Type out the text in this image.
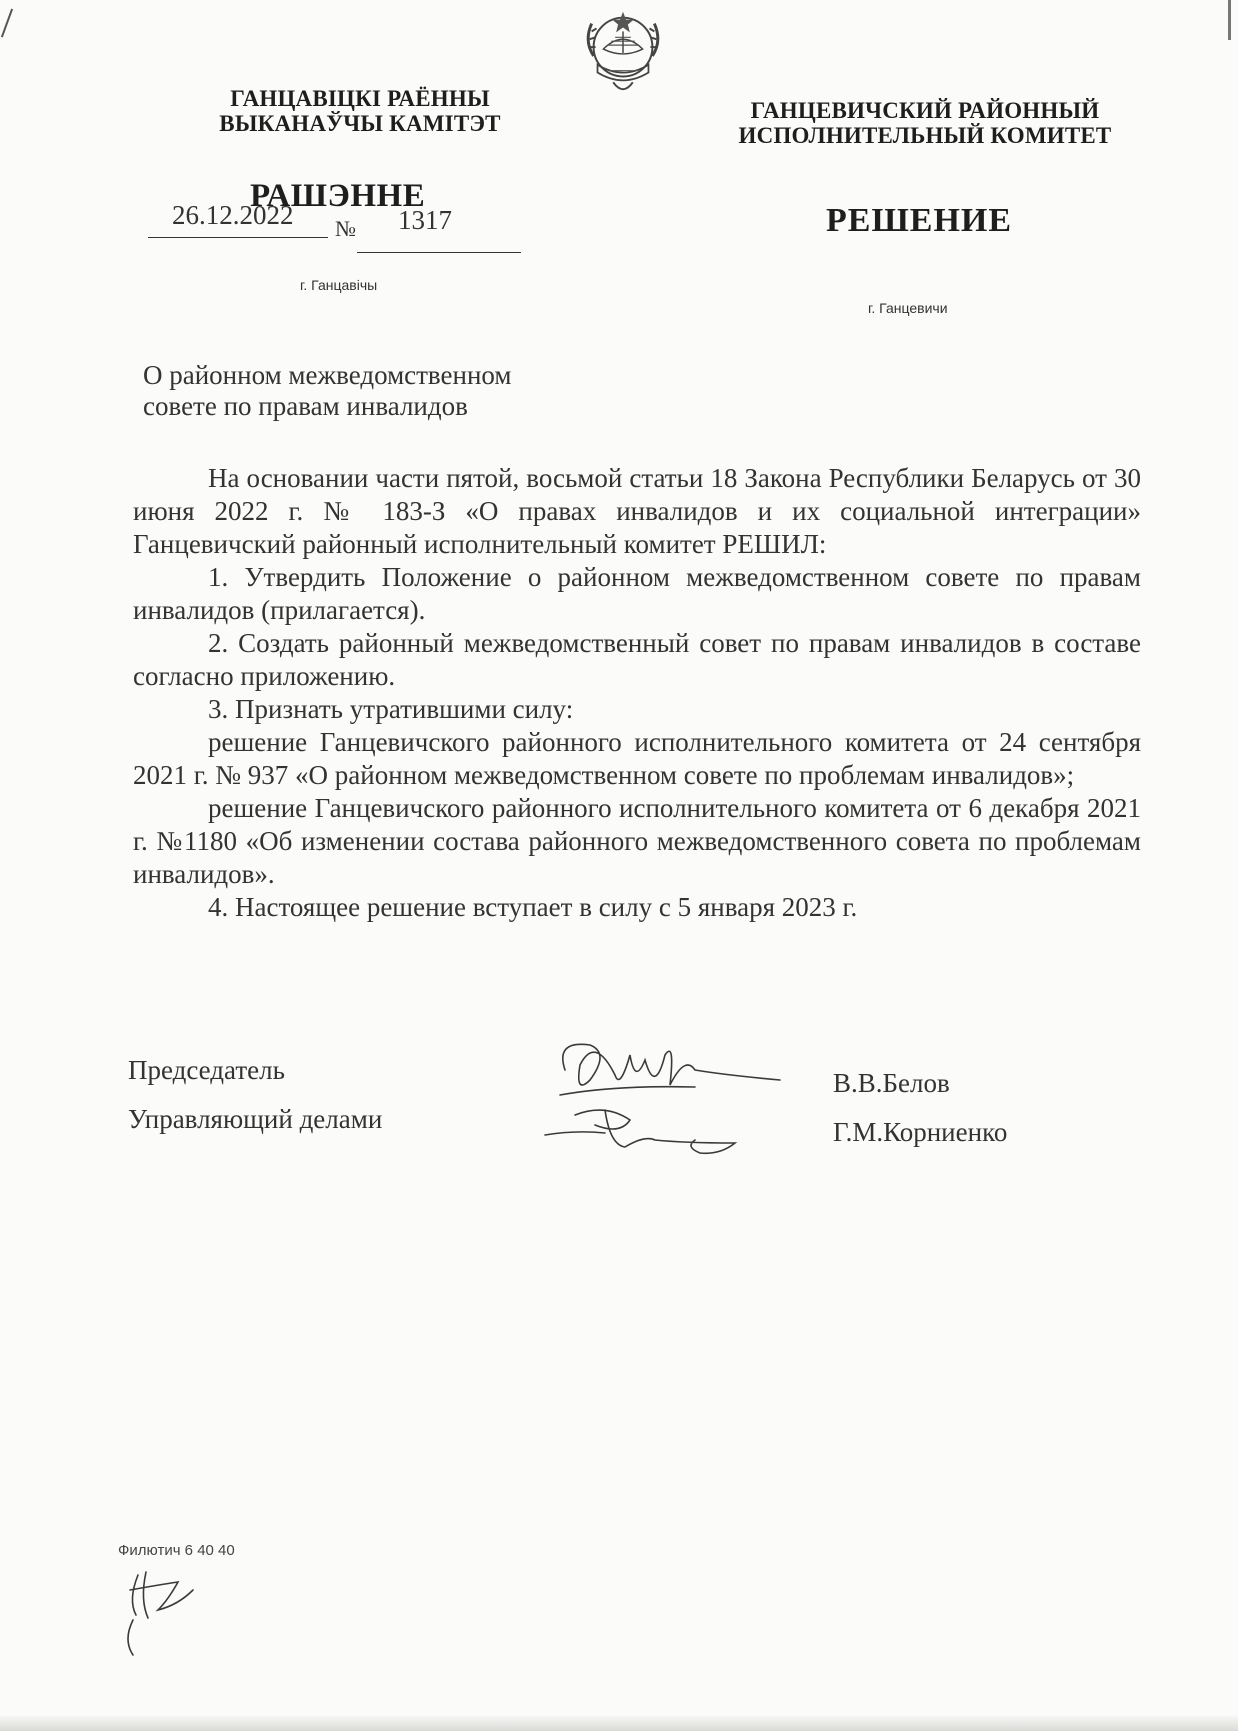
ГАНЦАВІЦКІ РАЁННЫ
ВЫКАНАЎЧЫ КАМІТЭТ
ГАНЦЕВИЧСКИЙ РАЙОННЫЙ
ИСПОЛНИТЕЛЬНЫЙ КОМИТЕТ
РАШЭННЕ
26.12.2022 № 1317	РЕШЕНИЕ
г. Ганцавічы
г. Ганцевичи
О районном межведомственном
совете по правам инвалидов
На основании части пятой, восьмой статьи 18 Закона Республики Беларусь от 30 июня 2022 г. № 183-З «О правах инвалидов и их социальной интеграции» Ганцевичский районный исполнительный комитет РЕШИЛ:
1. Утвердить Положение о районном межведомственном совете по правам инвалидов (прилагается).
2. Создать районный межведомственный совет по правам инвалидов в составе согласно приложению.
3. Признать утратившими силу:
решение Ганцевичского районного исполнительного комитета от 24 сентября 2021 г. № 937 «О районном межведомственном совете по проблемам инвалидов»;
решение Ганцевичского районного исполнительного комитета от 6 декабря 2021 г. №1180 «Об изменении состава районного межведомственного совета по проблемам инвалидов».
4. Настоящее решение вступает в силу с 5 января 2023 г.
Председатель	В.В.Белов
Управляющий делами	Г.М.Корниенко
Филютич 6 40 40
